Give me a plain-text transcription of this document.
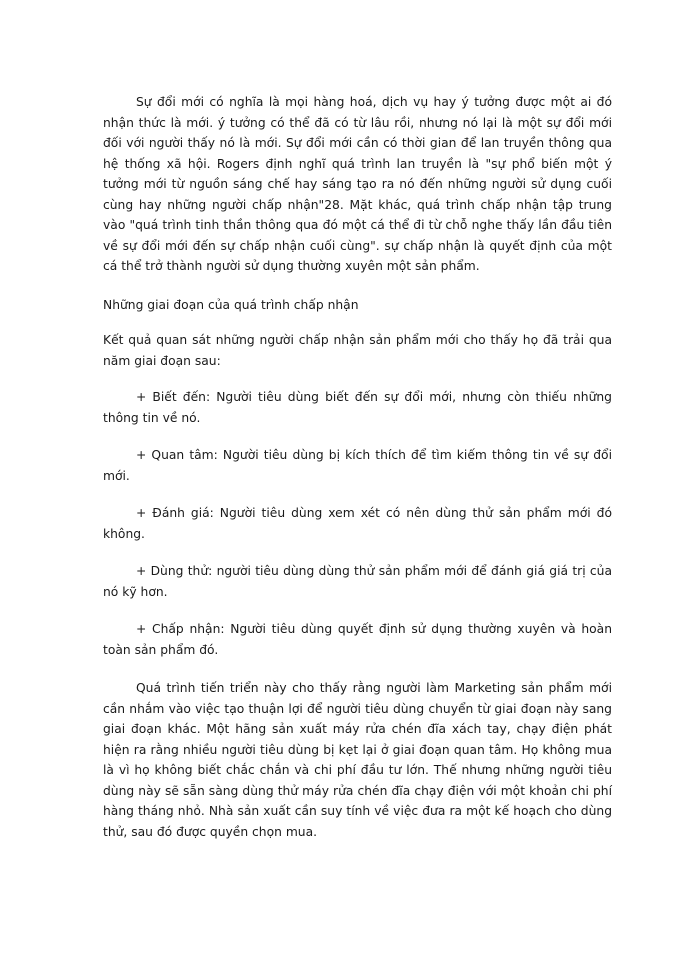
Sự đổi mới có nghĩa là mọi hàng hoá, dịch vụ hay ý tưởng được một ai đó nhận thức là mới. ý tưởng có thể đã có từ lâu rồi, nhưng nó lại là một sự đổi mới đối với người thấy nó là mới. Sự đổi mới cần có thời gian để lan truyền thông qua hệ thống xã hội. Rogers định nghĩ quá trình lan truyền là "sự phổ biến một ý tưởng mới từ nguồn sáng chế hay sáng tạo ra nó đến những người sử dụng cuối cùng hay những người chấp nhận"28. Mặt khác, quá trình chấp nhận tập trung vào "quá trình tinh thần thông qua đó một cá thể đi từ chỗ nghe thấy lần đầu tiên về sự đổi mới đến sự chấp nhận cuối cùng". sự chấp nhận là quyết định của một cá thể trở thành người sử dụng thường xuyên một sản phẩm.

Những giai đoạn của quá trình chấp nhận

Kết quả quan sát những người chấp nhận sản phẩm mới cho thấy họ đã trải qua năm giai đoạn sau:

+ Biết đến: Người tiêu dùng biết đến sự đổi mới, nhưng còn thiếu những thông tin về nó.

+ Quan tâm: Người tiêu dùng bị kích thích để tìm kiếm thông tin về sự đổi mới.

+ Đánh giá: Người tiêu dùng xem xét có nên dùng thử sản phẩm mới đó không.

+ Dùng thử: người tiêu dùng dùng thử sản phẩm mới để đánh giá giá trị của nó kỹ hơn.

+ Chấp nhận: Người tiêu dùng quyết định sử dụng thường xuyên và hoàn toàn sản phẩm đó.

Quá trình tiến triển này cho thấy rằng người làm Marketing sản phẩm mới cần nhắm vào việc tạo thuận lợi để người tiêu dùng chuyển từ giai đoạn này sang giai đoạn khác. Một hãng sản xuất máy rửa chén đĩa xách tay, chạy điện phát hiện ra rằng nhiều người tiêu dùng bị kẹt lại ở giai đoạn quan tâm. Họ không mua là vì họ không biết chắc chắn và chi phí đầu tư lớn. Thế nhưng những người tiêu dùng này sẽ sẵn sàng dùng thử máy rửa chén đĩa chạy điện với một khoản chi phí hàng tháng nhỏ. Nhà sản xuất cần suy tính về việc đưa ra một kế hoạch cho dùng thử, sau đó được quyền chọn mua.
